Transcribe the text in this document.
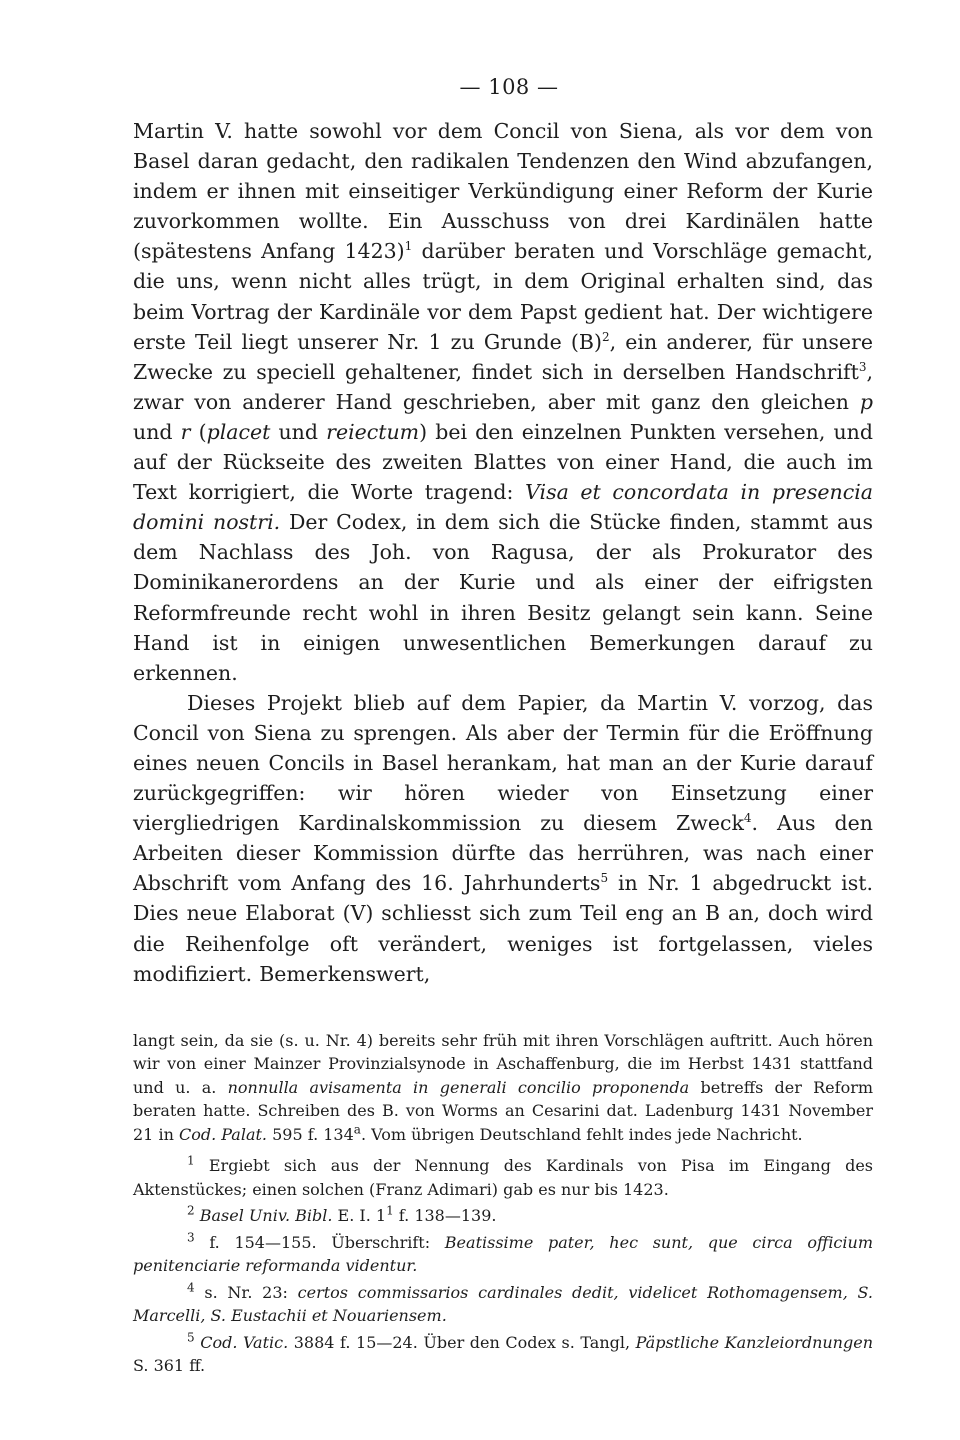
— 108 —

Martin V. hatte sowohl vor dem Concil von Siena, als vor dem von Basel daran gedacht, den radikalen Tendenzen den Wind abzufangen, indem er ihnen mit einseitiger Verkündigung einer Reform der Kurie zuvorkommen wollte. Ein Ausschuss von drei Kardinälen hatte (spätestens Anfang 1423)$^1$ darüber beraten und Vorschläge gemacht, die uns, wenn nicht alles trügt, in dem Original erhalten sind, das beim Vortrag der Kardinäle vor dem Papst gedient hat. Der wichtigere erste Teil liegt unserer Nr. 1 zu Grunde $(B)^2$, ein anderer, für unsere Zwecke zu speciell gehaltener, findet sich in derselben Handschrift$^3$, zwar von anderer Hand geschrieben, aber mit ganz den gleichen p und r (placet und reiectum) bei den einzelnen Punkten versehen, und auf der Rückseite des zweiten Blattes von einer Hand, die auch im Text korrigiert, die Worte tragend: Visa et concordata in presencia domini nostri. Der Codex, in dem sich die Stücke finden, stammt aus dem Nachlass des Joh. von Ragusa, der als Prokurator des Dominikanerordens an der Kurie und als einer der eifrigsten Reformfreunde recht wohl in ihren Besitz gelangt sein kann. Seine Hand ist in einigen unwesentlichen Bemerkungen darauf zu erkennen.

Dieses Projekt blieb auf dem Papier, da Martin V. vorzog, das Concil von Siena zu sprengen. Als aber der Termin für die Eröffnung eines neuen Concils in Basel herankam, hat man an der Kurie darauf zurückgegriffen: wir hören wieder von Einsetzung einer viergliedrigen Kardinalskommission zu diesem Zweck$^4$. Aus den Arbeiten dieser Kommission dürfte das herrühren, was nach einer Abschrift vom Anfang des 16. Jahrhunderts$^5$ in Nr. 1 abgedruckt ist. Dies neue Elaborat (V) schliesst sich zum Teil eng an B an, doch wird die Reihenfolge oft verändert, weniges ist fortgelassen, vieles modifiziert. Bemerkenswert,

langt sein, da sie (s. u. Nr. 4) bereits sehr früh mit ihren Vorschlägen auftritt. Auch hören wir von einer Mainzer Provinzialsynode in Aschaffenburg, die im Herbst 1431 stattfand und u. a. nonnulla avisamenta in generali concilio proponenda betreffs der Reform beraten hatte. Schreiben des B. von Worms an Cesarini dat. Ladenburg 1431 November 21 in Cod. Palat. 595 f. 134$^a$. Vom übrigen Deutschland fehlt indes jede Nachricht.

$^1$ Ergiebt sich aus der Nennung des Kardinals von Pisa im Eingang des Aktenstückes; einen solchen (Franz Adimari) gab es nur bis 1423.

$^2$ Basel Univ. Bibl. E. I. $1^1$ f. 138—139.

$^3$ f. 154—155. Überschrift: Beatissime pater, hec sunt, que circa officium penitenciarie reformanda videntur.

$^4$ s. Nr. 23: certos commissarios cardinales dedit, videlicet Rothomagensem, S. Marcelli, S. Eustachii et Nouariensem.

$^5$ Cod. Vatic. 3884 f. 15—24. Über den Codex s. Tangl, Päpstliche Kanzleiordnungen S. 361 ff.
